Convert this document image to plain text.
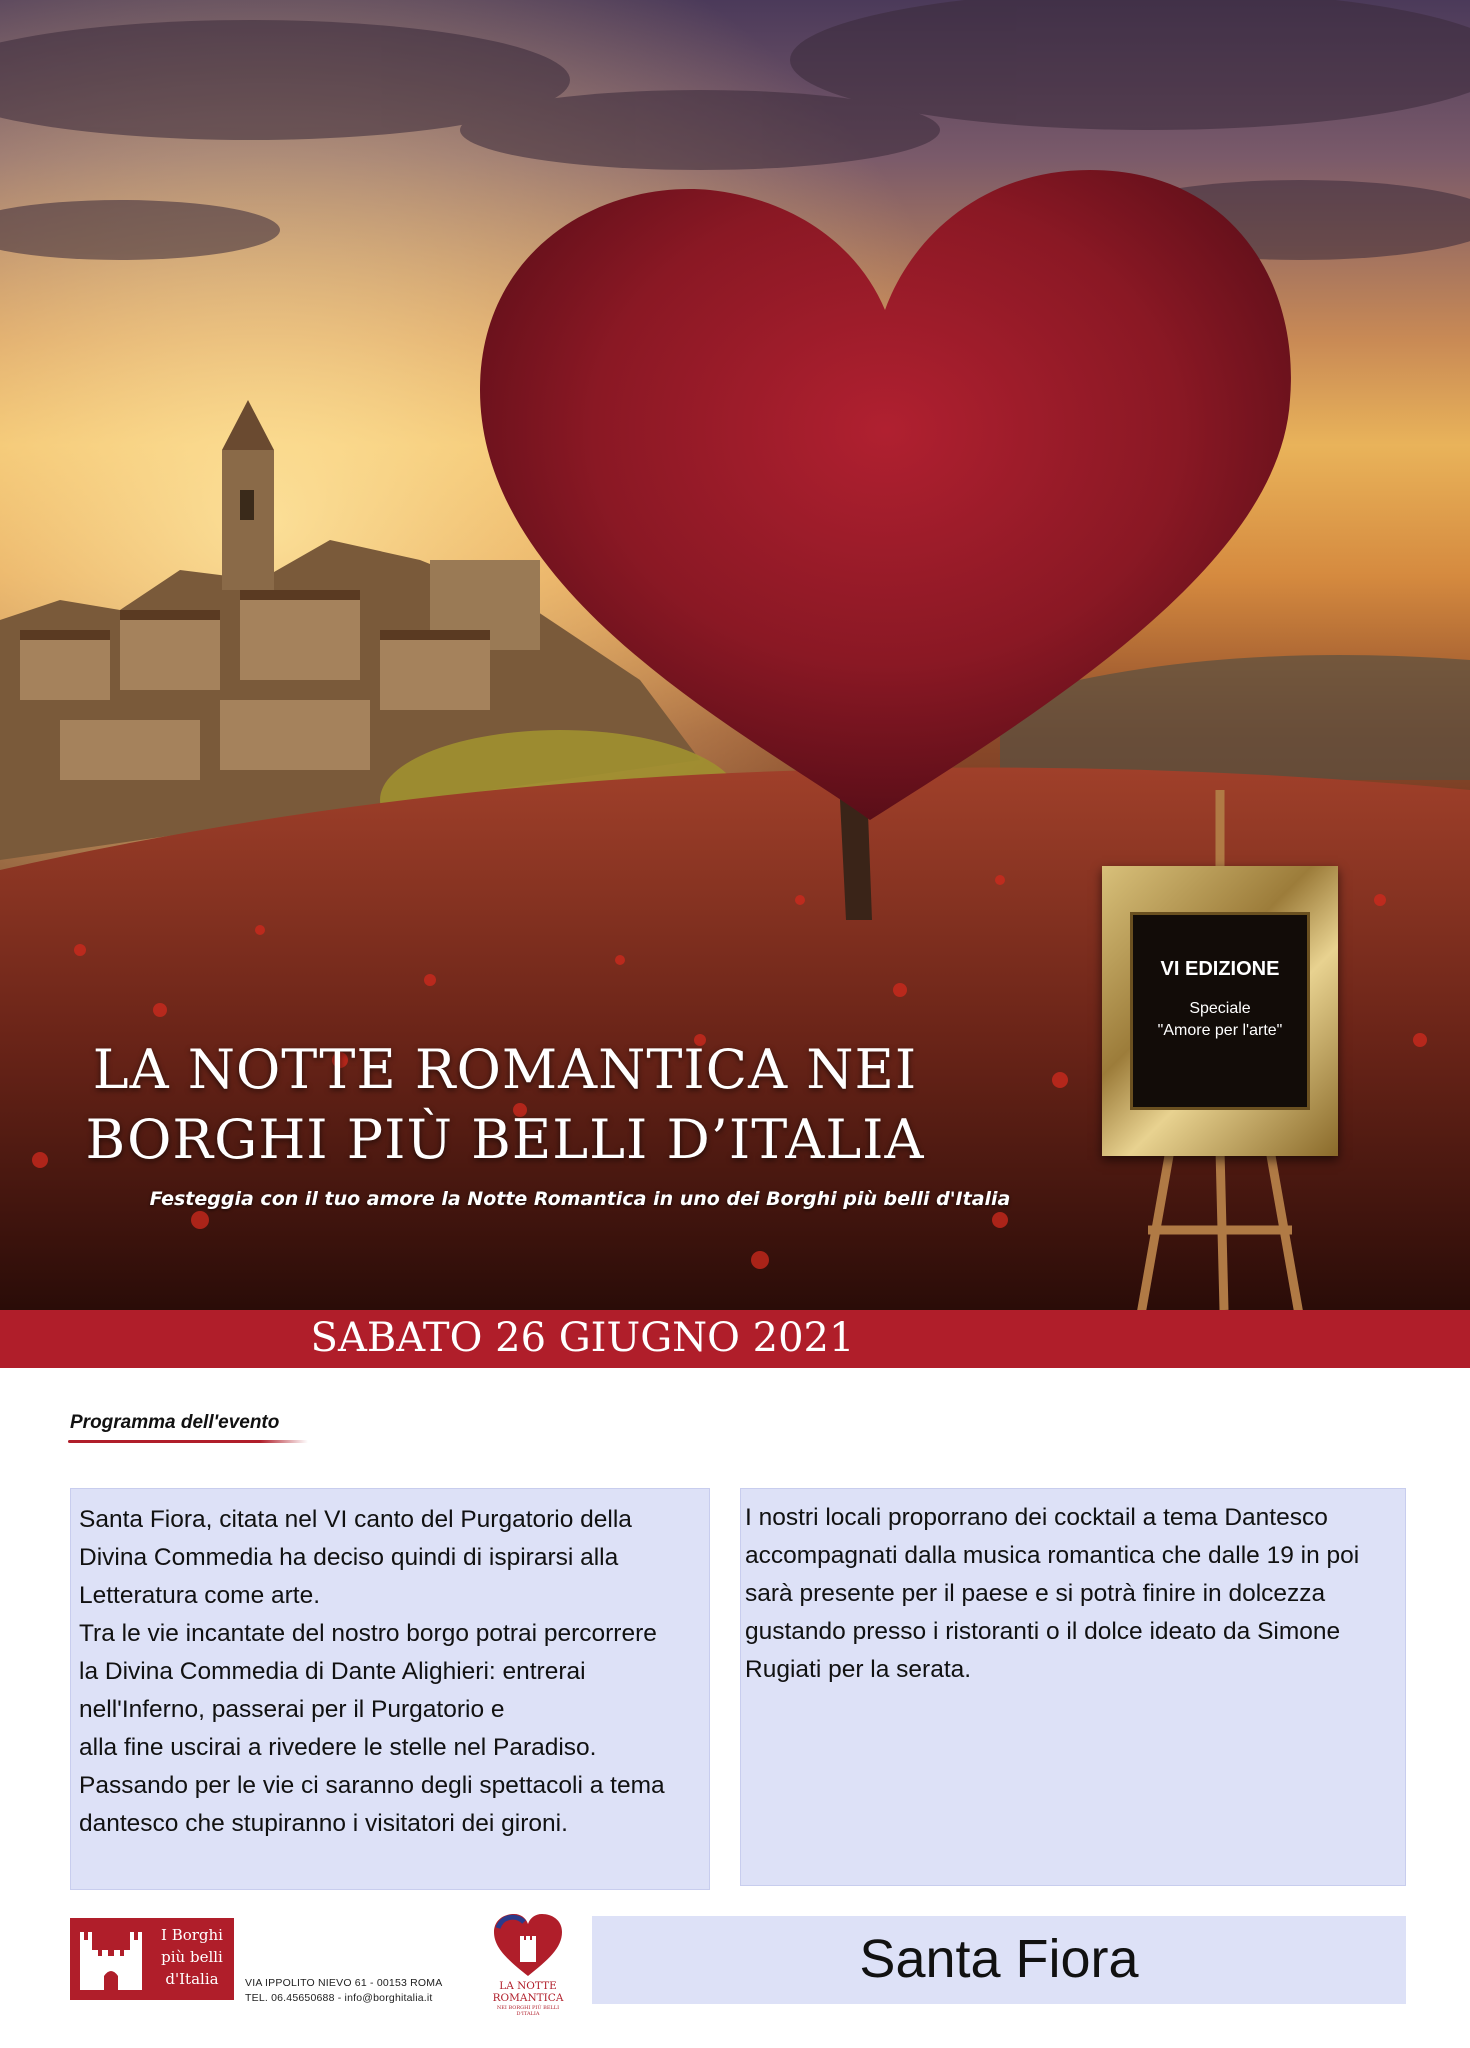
LA NOTTE ROMANTICA NEI
BORGHI PIÙ BELLI D’ITALIA
Festeggia con il tuo amore la Notte Romantica in uno dei Borghi più belli d'Italia
VI EDIZIONE
Speciale
"Amore per l'arte"
SABATO 26 GIUGNO 2021
Programma dell'evento

Santa Fiora, citata nel VI canto del Purgatorio della
Divina Commedia ha deciso quindi di ispirarsi alla
Letteratura come arte.
Tra le vie incantate del nostro borgo potrai percorrere
la Divina Commedia di Dante Alighieri: entrerai
nell'Inferno, passerai per il Purgatorio e
alla fine uscirai a rivedere le stelle nel Paradiso.
Passando per le vie ci saranno degli spettacoli a tema
dantesco che stupiranno i visitatori dei gironi.

I nostri locali proporrano dei cocktail a tema Dantesco
accompagnati dalla musica romantica che dalle 19 in poi
sarà presente per il paese e si potrà finire in dolcezza
gustando presso i ristoranti o il dolce ideato da Simone
Rugiati per la serata.

I Borghi
più belli
d'Italia	VIA IPPOLITO NIEVO 61 - 00153 ROMA
TEL. 06.45650688 - info@borghitalia.it
LA NOTTE
ROMANTICA
NEI BORGHI PIÙ BELLI D'ITALIA
Santa Fiora
